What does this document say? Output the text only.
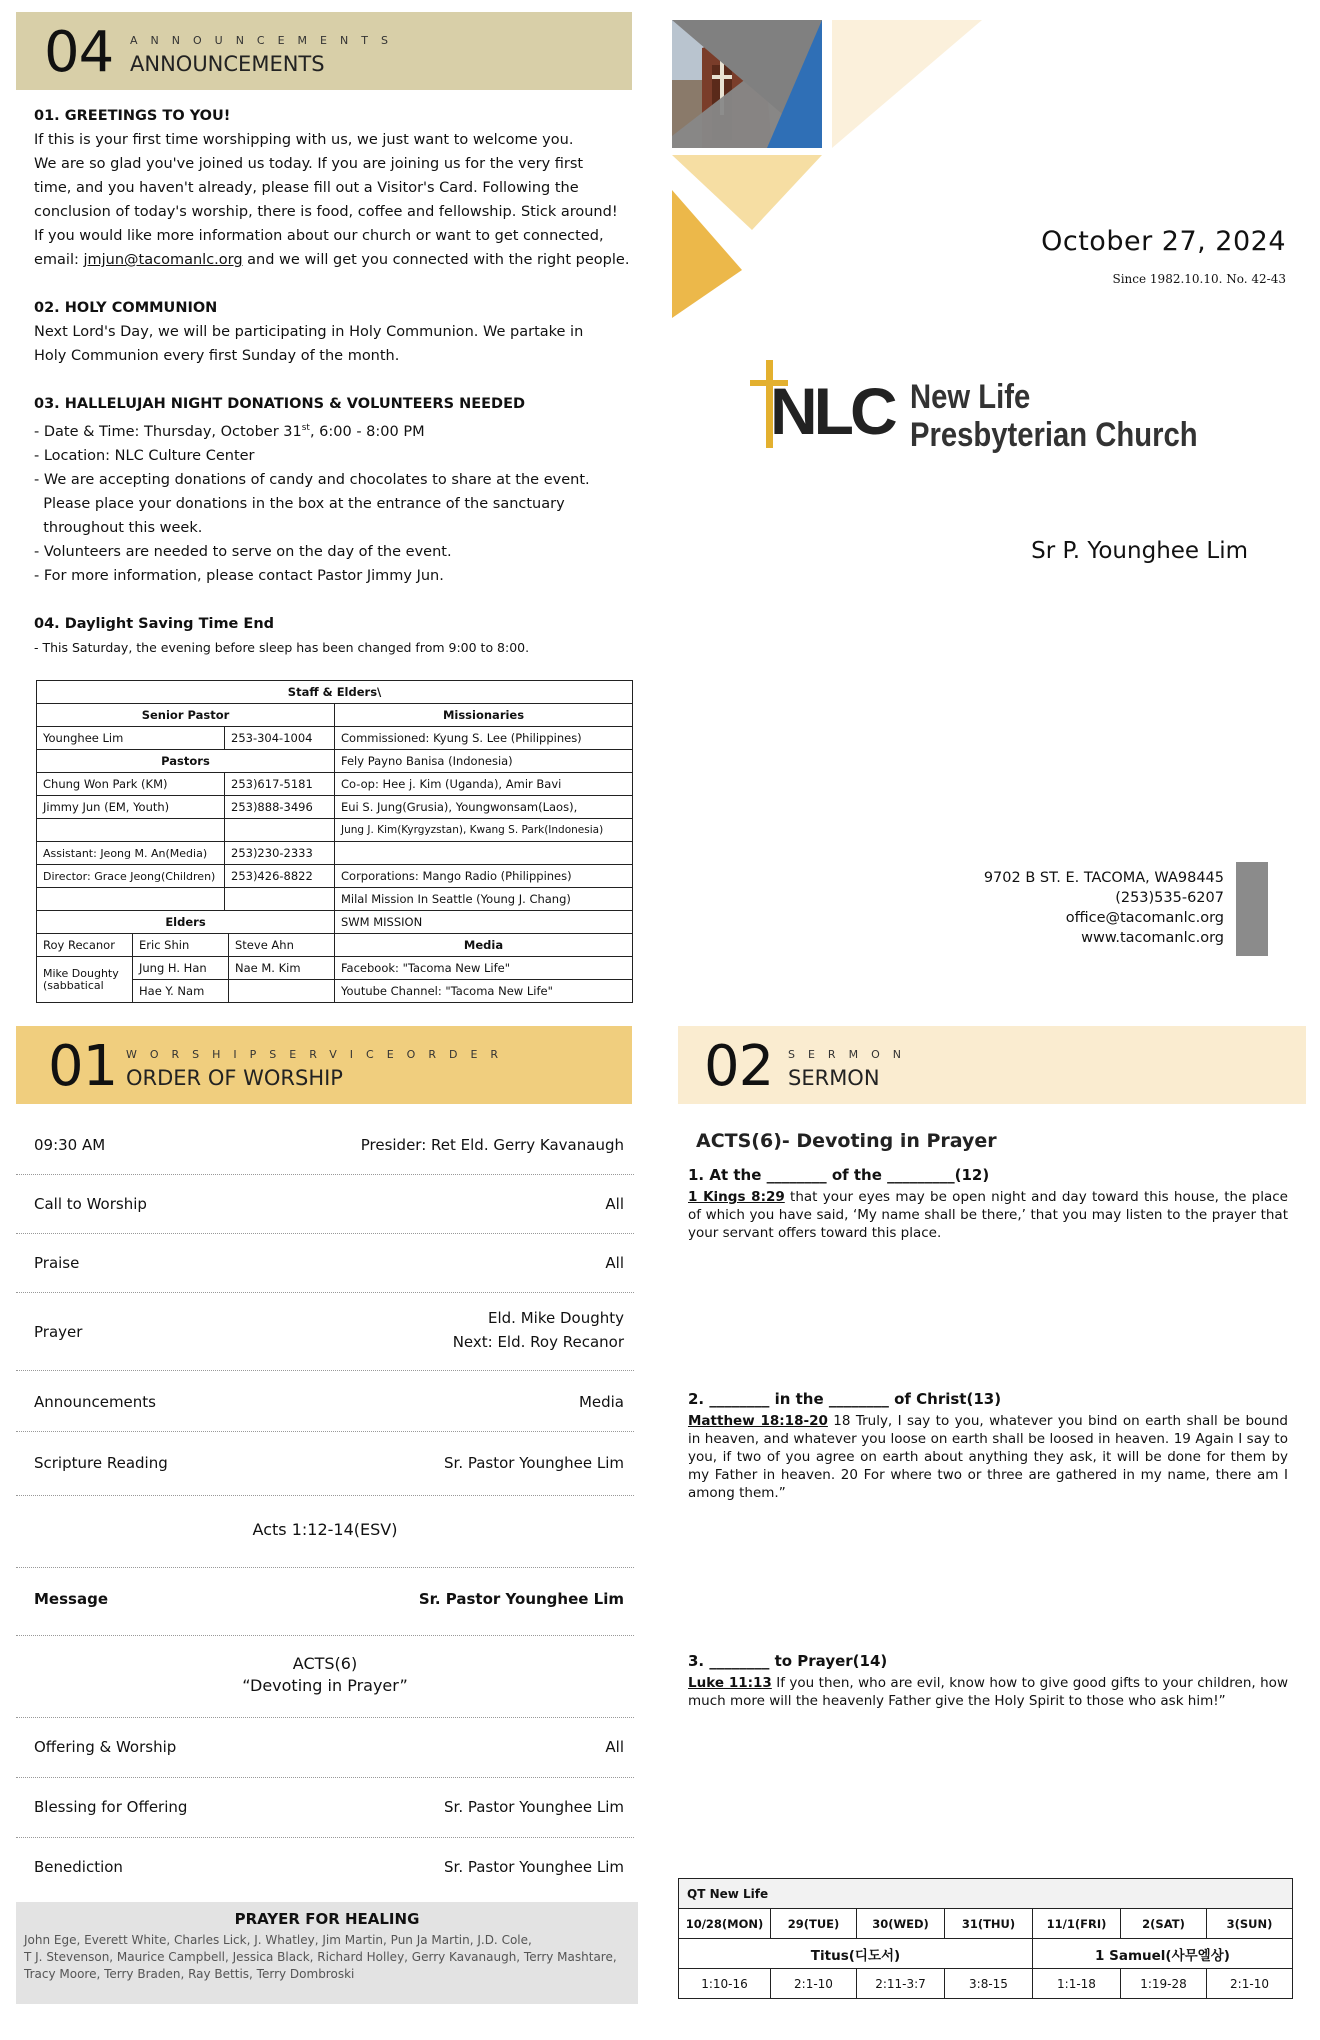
04 ANNOUNCEMENTS
ANNOUNCEMENTS
01. GREETINGS TO YOU!
If this is your first time worshipping with us, we just want to welcome you.
We are so glad you've joined us today. If you are joining us for the very first
time, and you haven't already, please fill out a Visitor's Card. Following the
conclusion of today's worship, there is food, coffee and fellowship. Stick around!
If you would like more information about our church or want to get connected,
email: jmjun@tacomanlc.org and we will get you connected with the right people.
02. HOLY COMMUNION
Next Lord's Day, we will be participating in Holy Communion. We partake in
Holy Communion every first Sunday of the month.
03. HALLELUJAH NIGHT DONATIONS & VOLUNTEERS NEEDED
- Date & Time: Thursday, October 31st, 6:00 - 8:00 PM
- Location: NLC Culture Center
- We are accepting donations of candy and chocolates to share at the event.
Please place your donations in the box at the entrance of the sanctuary
throughout this week.
- Volunteers are needed to serve on the day of the event.
- For more information, please contact Pastor Jimmy Jun.
04. Daylight Saving Time End
- This Saturday, the evening before sleep has been changed from 9:00 to 8:00.
Staff & Elders\		
Senior Pastor		Missionaries
Younghee Lim	253-304-1004	Commissioned: Kyung S. Lee (Philippines)
Pastors		Fely Payno Banisa (Indonesia)
Chung Won Park (KM)	253)617-5181	Co-op: Hee j. Kim (Uganda), Amir Bavi
Jimmy Jun (EM, Youth)	253)888-3496	Eui S. Jung(Grusia), Youngwonsam(Laos),
		Jung J. Kim(Kyrgyzstan), Kwang S. Park(Indonesia)
Assistant: Jeong M. An(Media)	253)230-2333	
Director: Grace Jeong(Children)	253)426-8822	Corporations: Mango Radio (Philippines)
		Milal Mission In Seattle (Young J. Chang)
Elders		SWM MISSION
Roy Recanor	Eric Shin	Steve Ahn	Media
Mike Doughty (sabbatical	Jung H. Han	Nae M. Kim	Facebook: "Tacoma New Life"
	Hae Y. Nam		Youtube Channel: "Tacoma New Life"
October 27, 2024
Since 1982.10.10. No. 42-43
NLC New Life
Presbyterian Church
Sr P. Younghee Lim
9702 B ST. E. TACOMA, WA98445
(253)535-6207
office@tacomanlc.org
www.tacomanlc.org
01 WORSHIPSERVICEORDER
ORDER OF WORSHIP
09:30 AM	Presider: Ret Eld. Gerry Kavanaugh
Call to Worship	All
Praise	All
Prayer
Eld. Mike Doughty
Next: Eld. Roy Recanor
Announcements	Media
Scripture Reading	Sr. Pastor Younghee Lim
Acts 1:12-14(ESV)
Message	Sr. Pastor Younghee Lim
ACTS(6)
“Devoting in Prayer”
Offering & Worship	All
Blessing for Offering	Sr. Pastor Younghee Lim
Benediction	Sr. Pastor Younghee Lim
PRAYER FOR HEALING
John Ege, Everett White, Charles Lick, J. Whatley, Jim Martin, Pun Ja Martin, J.D. Cole,
T J. Stevenson, Maurice Campbell, Jessica Black, Richard Holley, Gerry Kavanaugh, Terry Mashtare,
Tracy Moore, Terry Braden, Ray Bettis, Terry Dombroski
02 SERMON
SERMON
ACTS(6)- Devoting in Prayer
1. At the ________ of the _________(12)
1 Kings 8:29 that your eyes may be open night and day toward this house, the place of which you have said, ‘My name shall be there,’ that you may listen to the prayer that your servant offers toward this place.
2. ________ in the ________ of Christ(13)
Matthew 18:18-20 18 Truly, I say to you, whatever you bind on earth shall be bound in heaven, and whatever you loose on earth shall be loosed in heaven. 19 Again I say to you, if two of you agree on earth about anything they ask, it will be done for them by my Father in heaven. 20 For where two or three are gathered in my name, there am I among them.”
3. ________ to Prayer(14)
Luke 11:13 If you then, who are evil, know how to give good gifts to your children, how much more will the heavenly Father give the Holy Spirit to those who ask him!”
QT New Life						
10/28(MON)	29(TUE)	30(WED)	31(THU)	11/1(FRI)	2(SAT)	3(SUN)
Titus(디도서)				1 Samuel(사무엘상)		
1:10-16	2:1-10	2:11-3:7	3:8-15	1:1-18	1:19-28	2:1-10
